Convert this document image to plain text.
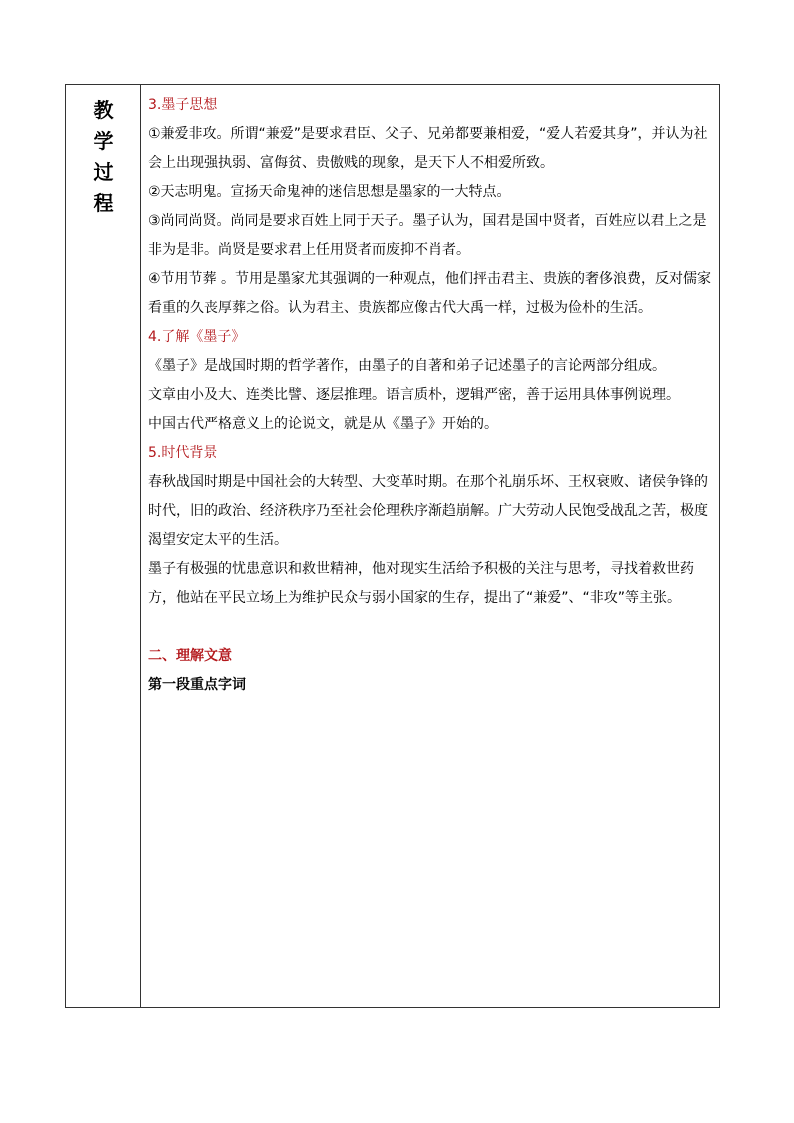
教
学
过
程

3.墨子思想

①兼爱非攻。所谓“兼爱”是要求君臣、父子、兄弟都要兼相爱，“爱人若爱其身”，并认为社会上出现强执弱、富侮贫、贵傲贱的现象，是天下人不相爱所致。

②天志明鬼。宣扬天命鬼神的迷信思想是墨家的一大特点。

③尚同尚贤。尚同是要求百姓上同于天子。墨子认为，国君是国中贤者，百姓应以君上之是非为是非。尚贤是要求君上任用贤者而废抑不肖者。

④节用节葬 。节用是墨家尤其强调的一种观点，他们抨击君主、贵族的奢侈浪费，反对儒家看重的久丧厚葬之俗。认为君主、贵族都应像古代大禹一样，过极为俭朴的生活。

4.了解《墨子》

《墨子》是战国时期的哲学著作，由墨子的自著和弟子记述墨子的言论两部分组成。

文章由小及大、连类比譬、逐层推理。语言质朴，逻辑严密，善于运用具体事例说理。

中国古代严格意义上的论说文，就是从《墨子》开始的。

5.时代背景

春秋战国时期是中国社会的大转型、大变革时期。在那个礼崩乐坏、王权衰败、诸侯争锋的时代，旧的政治、经济秩序乃至社会伦理秩序渐趋崩解。广大劳动人民饱受战乱之苦，极度渴望安定太平的生活。

墨子有极强的忧患意识和救世精神，他对现实生活给予积极的关注与思考，寻找着救世药方，他站在平民立场上为维护民众与弱小国家的生存，提出了“兼爱”、“非攻”等主张。

二、理解文意

第一段重点字词
